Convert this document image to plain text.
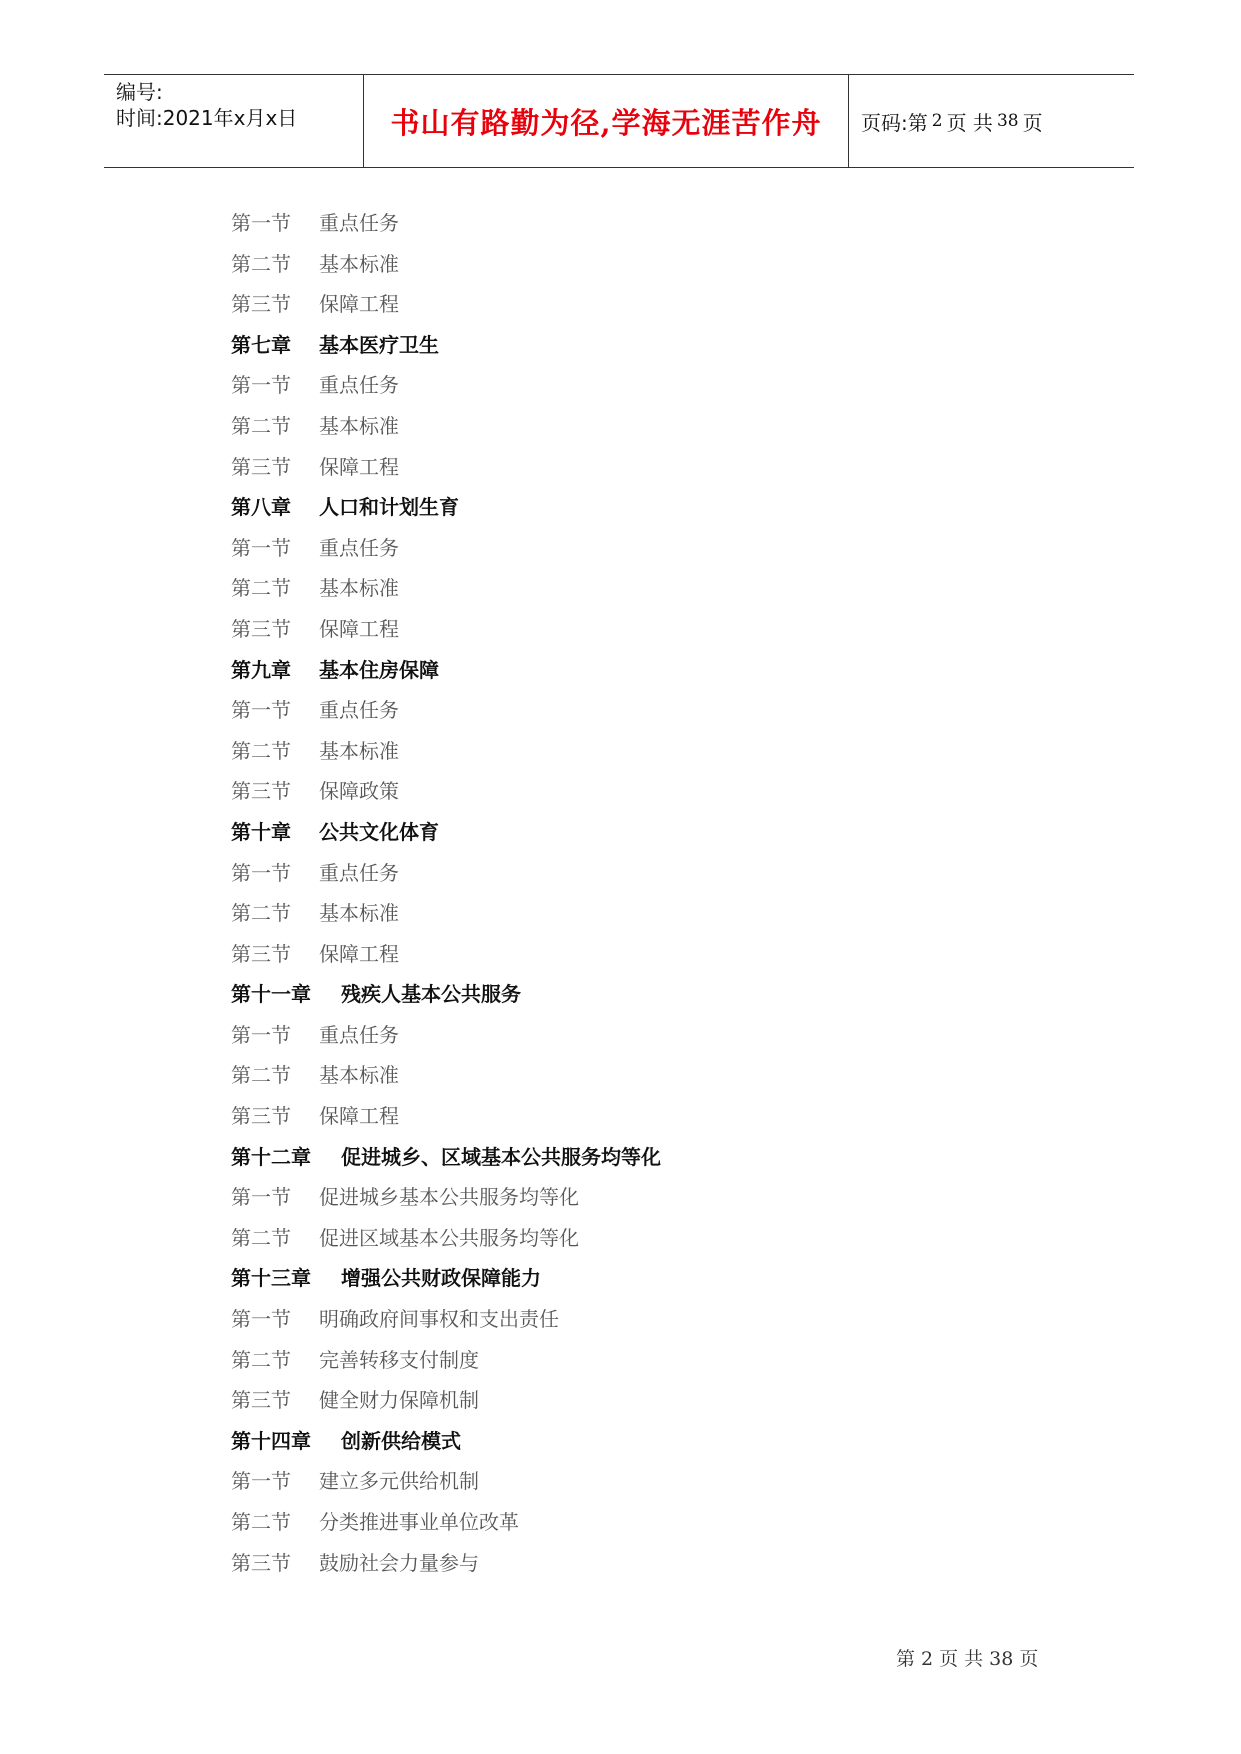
编号:
时间:2021年x月x日	书山有路勤为径,学海无涯苦作舟 页码:第 2 页 共 38 页
第一节	重点任务
第二节	基本标准
第三节	保障工程
第七章	基本医疗卫生
第一节	重点任务
第二节	基本标准
第三节	保障工程
第八章	人口和计划生育
第一节	重点任务
第二节	基本标准
第三节	保障工程
第九章	基本住房保障
第一节	重点任务
第二节	基本标准
第三节	保障政策
第十章	公共文化体育
第一节	重点任务
第二节	基本标准
第三节	保障工程
第十一章	残疾人基本公共服务
第一节	重点任务
第二节	基本标准
第三节	保障工程
第十二章	促进城乡、区域基本公共服务均等化
第一节	促进城乡基本公共服务均等化
第二节	促进区域基本公共服务均等化
第十三章	增强公共财政保障能力
第一节	明确政府间事权和支出责任
第二节	完善转移支付制度
第三节	健全财力保障机制
第十四章	创新供给模式
第一节	建立多元供给机制
第二节	分类推进事业单位改革
第三节	鼓励社会力量参与
第 2 页 共 38 页
